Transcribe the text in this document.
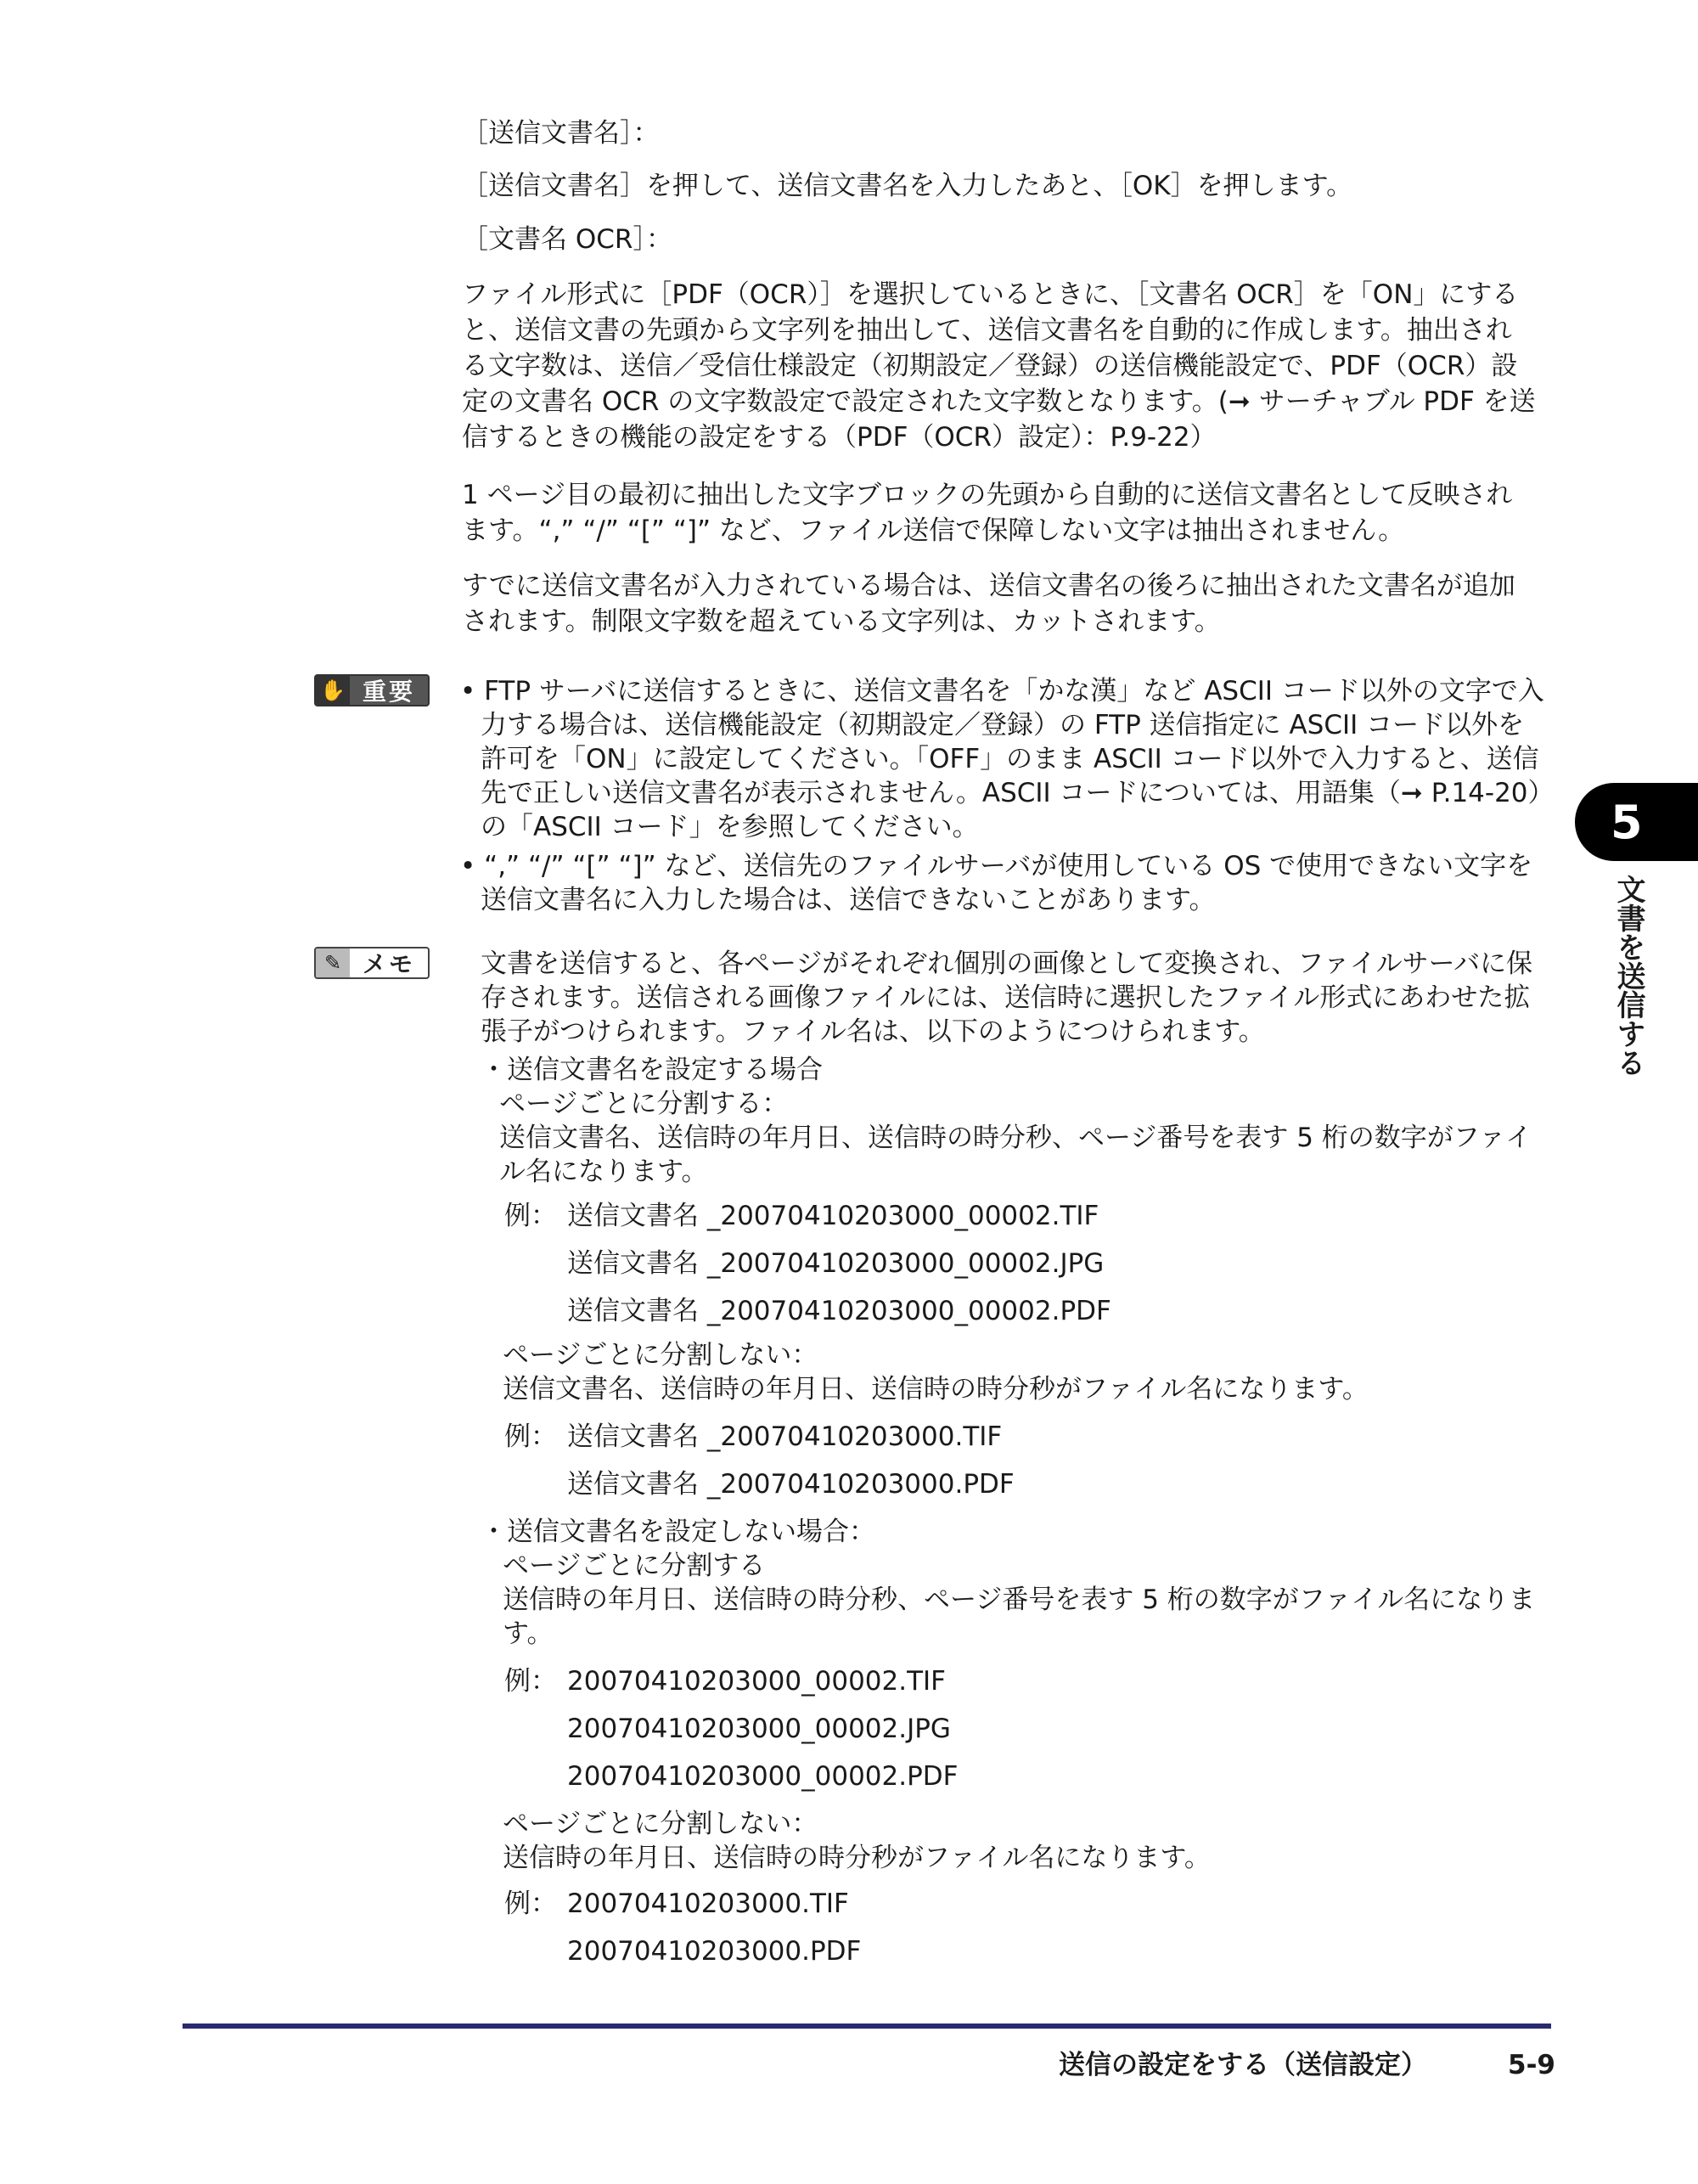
［送信文書名］：
［送信文書名］を押して、送信文書名を入力したあと、［OK］を押します。
［文書名 OCR］：
ファイル形式に［PDF（OCR）］を選択しているときに、［文書名 OCR］を「ON」にする
と、送信文書の先頭から文字列を抽出して、送信文書名を自動的に作成します。抽出され
る文字数は、送信／受信仕様設定（初期設定／登録）の送信機能設定で、PDF（OCR）設
定の文書名 OCR の文字数設定で設定された文字数となります。(➞ サーチャブル PDF を送
信するときの機能の設定をする（PDF（OCR）設定）：P.9-22）
1 ページ目の最初に抽出した文字ブロックの先頭から自動的に送信文書名として反映され
ます。“,” “/” “[” “]” など、ファイル送信で保障しない文字は抽出されません。
すでに送信文書名が入力されている場合は、送信文書名の後ろに抽出された文書名が追加
されます。制限文字数を超えている文字列は、カットされます。
✋ 重要	• FTP サーバに送信するときに、送信文書名を「かな漢」など ASCII コード以外の文字で入
力する場合は、送信機能設定（初期設定／登録）の FTP 送信指定に ASCII コード以外を
許可を「ON」に設定してください。「OFF」のまま ASCII コード以外で入力すると、送信
先で正しい送信文書名が表示されません。ASCII コードについては、用語集（➞ P.14-20）
の「ASCII コード」を参照してください。
• “,” “/” “[” “]” など、送信先のファイルサーバが使用している OS で使用できない文字を
送信文書名に入力した場合は、送信できないことがあります。
✎ メモ	文書を送信すると、各ページがそれぞれ個別の画像として変換され、ファイルサーバに保
存されます。送信される画像ファイルには、送信時に選択したファイル形式にあわせた拡
張子がつけられます。ファイル名は、以下のようにつけられます。
・送信文書名を設定する場合
ページごとに分割する：
送信文書名、送信時の年月日、送信時の時分秒、ページ番号を表す 5 桁の数字がファイ
ル名になります。
例： 送信文書名 _20070410203000_00002.TIF
送信文書名 _20070410203000_00002.JPG
送信文書名 _20070410203000_00002.PDF
ページごとに分割しない：
送信文書名、送信時の年月日、送信時の時分秒がファイル名になります。
例： 送信文書名 _20070410203000.TIF
送信文書名 _20070410203000.PDF
・送信文書名を設定しない場合：
ページごとに分割する
送信時の年月日、送信時の時分秒、ページ番号を表す 5 桁の数字がファイル名になりま
す。
例： 20070410203000_00002.TIF
20070410203000_00002.JPG
20070410203000_00002.PDF
ページごとに分割しない：
送信時の年月日、送信時の時分秒がファイル名になります。
例： 20070410203000.TIF
20070410203000.PDF
5
文書を送信する
送信の設定をする（送信設定）	5-9
